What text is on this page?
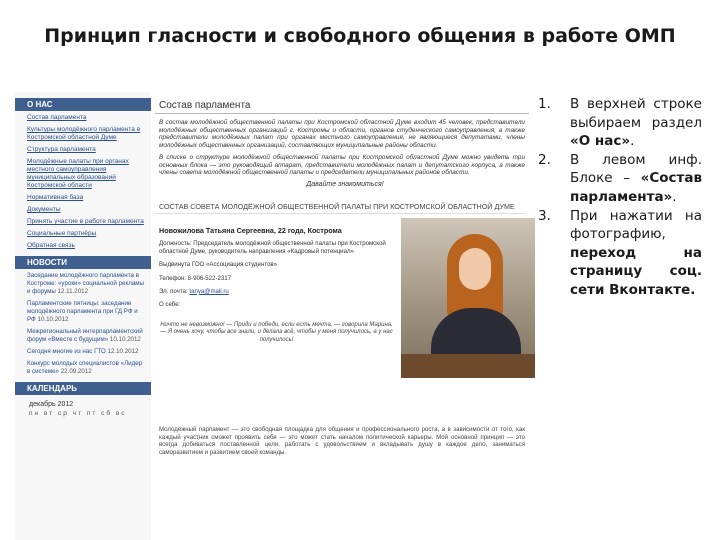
Принцип гласности и свободного общения в работе ОМП
О НАС
Состав парламента
Культуры молодёжного парламента в Костромской областной Думе
Структура парламента
Молодёжные палаты при органах местного самоуправления муниципальных образований Костромской области
Нормативная база
Документы
Принять участие в работе парламента
Социальные партнёры
Обратная связь
НОВОСТИ
Заседание молодёжного парламента в Костроме: «уроки» социальной рекламы и форумы 12.11.2012
Парламентские пятницы: заседание молодёжного парламента при ГД РФ и РФ 10.10.2012
Межрегиональный интерпарламентский форум «Вместе с будущим» 10.10.2012
Сегодня многие из нас ГТО 12.10.2012
Конкурс молодых специалистов «Лидер в системе» 22.09.2012
КАЛЕНДАРЬ
декабрь 2012
пн вт ср чт пт сб вс
Состав парламента
В состав молодёжной общественной палаты при Костромской областной Думе входит 45 человек, представители молодёжных общественных организаций г. Костромы и области, органов студенческого самоуправления, а также представители молодёжных палат при органах местного самоуправления, не являющиеся депутатами, члены молодёжных общественных организаций, составляющих муниципальные районы области.
В списке о структуре молодёжной общественной палаты при Костромской областной Думе можно увидеть три основных блока — это руководящий аппарат, представители молодёжных палат и депутатского корпуса, а также члены совета молодёжной общественной палаты и председатели муниципальных районов области.
Давайте знакомиться!
СОСТАВ СОВЕТА МОЛОДЁЖНОЙ ОБЩЕСТВЕННОЙ ПАЛАТЫ ПРИ КОСТРОМСКОЙ ОБЛАСТНОЙ ДУМЕ
Новожилова Татьяна Сергеевна, 22 года, Кострома
Должность: Председатель молодёжной общественной палаты при Костромской областной Думе, руководитель направления «Кадровый потенциал»
Выдвинута ГОО «Ассоциация студентов»
Телефон: 8-906-522-2317
Эл. почта: tanya@mail.ru
О себе:
Ничто не невозможно! — Приди и победи, если есть мечта, — говорила Марина. — Я очень хочу, чтобы все знали, и делала всё, чтобы у меня получилось, а у нас получилось!
Молодёжный парламент — это свободная площадка для общения и профессионального роста, а в зависимости от того, как каждый участник сможет проявить себя — это может стать началом политической карьеры. Мой основной принцип — это всегда добиваться поставленной цели, работать с удовольствием и вкладывать душу в каждое дело, заниматься саморазвитием и развитием своей команды.
1. В верхней строке выбираем раздел «О нас».
2. В левом инф. Блоке – «Состав парламента».
3. При нажатии на фотографию, переход на страницу соц. сети Вконтакте.
